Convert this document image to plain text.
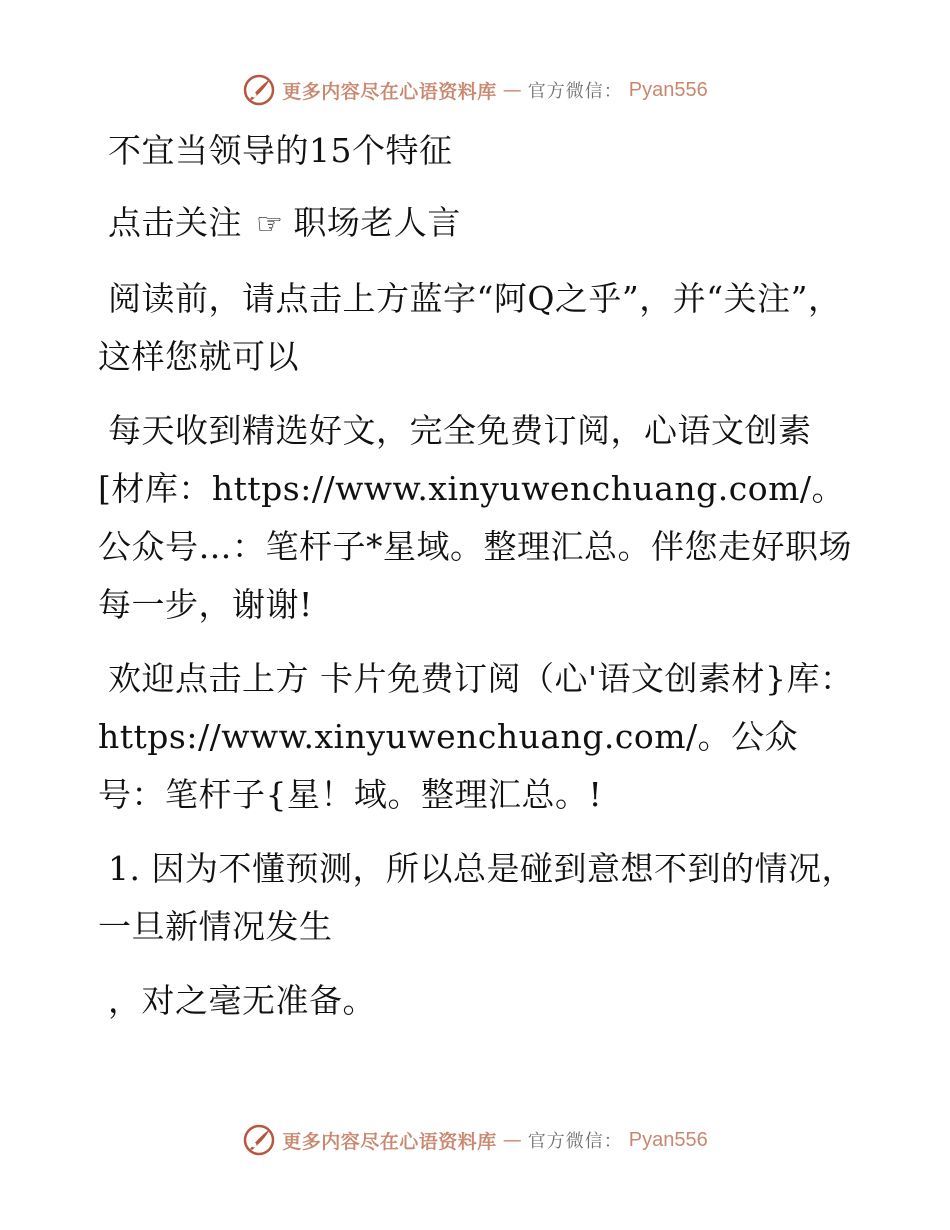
更多内容尽在心语资料库 — 官方微信： Pyan556

不宜当领导的15个特征

点击关注 ☞ 职场老人言

阅读前，请点击上方蓝字“阿Q之乎”，并“关注”，这样您就可以

每天收到精选好文，完全免费订阅，心语文创素[材库：https://www.xinyuwenchuang.com/。公众号…：笔杆子*星域。整理汇总。伴您走好职场每一步，谢谢!

欢迎点击上方 卡片免费订阅（心'语文创素材}库：https://www.xinyuwenchuang.com/。公众号：笔杆子{星！域。整理汇总。!

1. 因为不懂预测，所以总是碰到意想不到的情况，一旦新情况发生

，对之毫无准备。

更多内容尽在心语资料库 — 官方微信： Pyan556
